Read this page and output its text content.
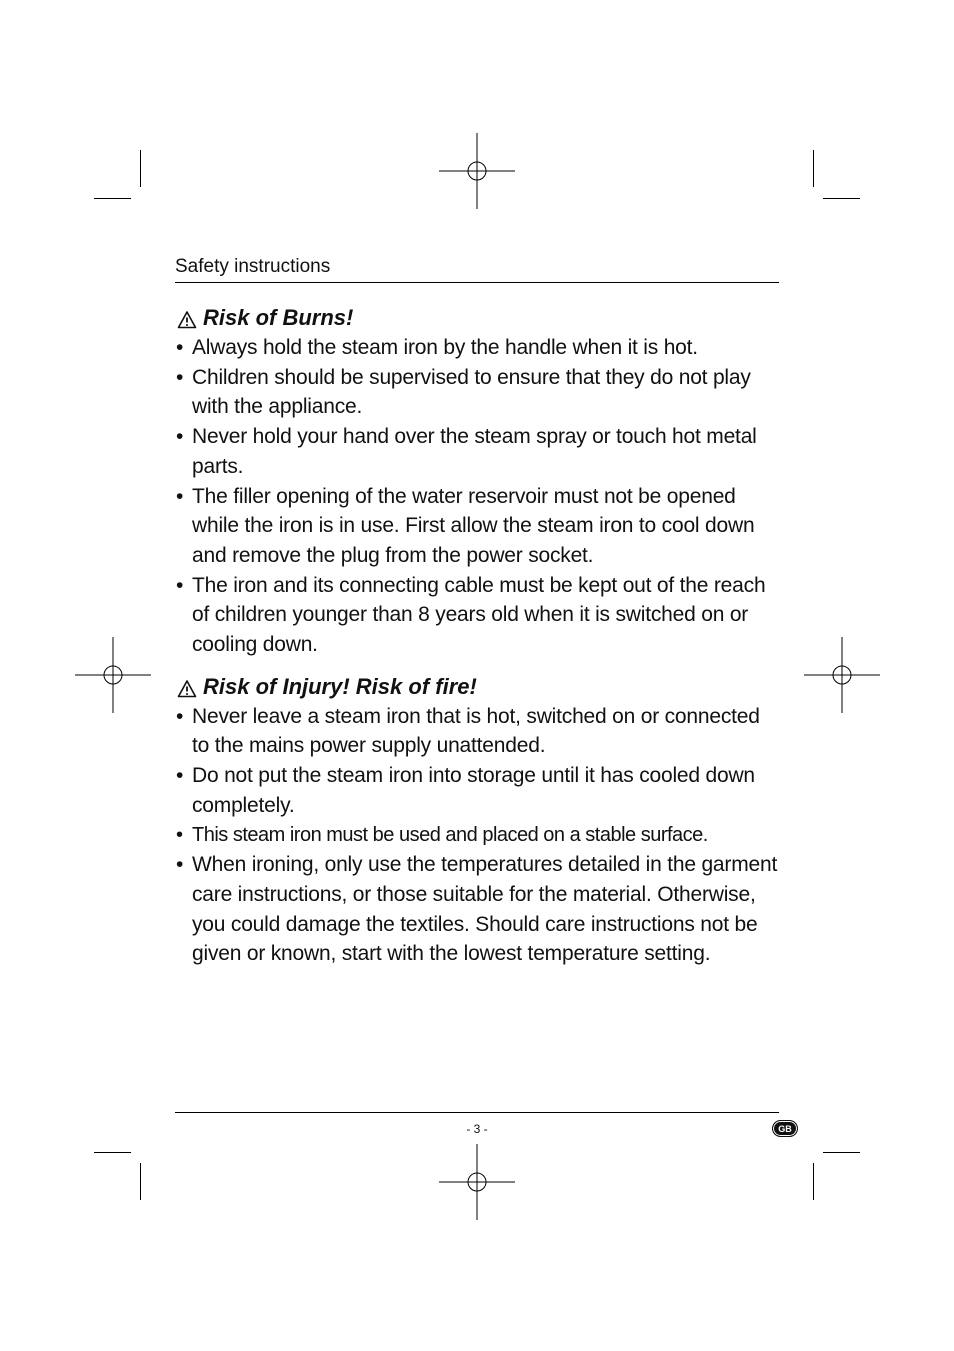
Safety instructions
Risk of Burns!
• Always hold the steam iron by the handle when it is hot.
• Children should be supervised to ensure that they do not play with the appliance.
• Never hold your hand over the steam spray or touch hot metal parts.
• The filler opening of the water reservoir must not be opened while the iron is in use. First allow the steam iron to cool down and remove the plug from the power socket.
• The iron and its connecting cable must be kept out of the reach of children younger than 8 years old when it is switched on or cooling down.
Risk of Injury! Risk of fire!
• Never leave a steam iron that is hot, switched on or connected to the mains power supply unattended.
• Do not put the steam iron into storage until it has cooled down completely.
• This steam iron must be used and placed on a stable surface.
• When ironing, only use the temperatures detailed in the garment care instructions, or those suitable for the material. Otherwise, you could damage the textiles. Should care instructions not be given or known, start with the lowest temperature setting.
- 3 -	GB
